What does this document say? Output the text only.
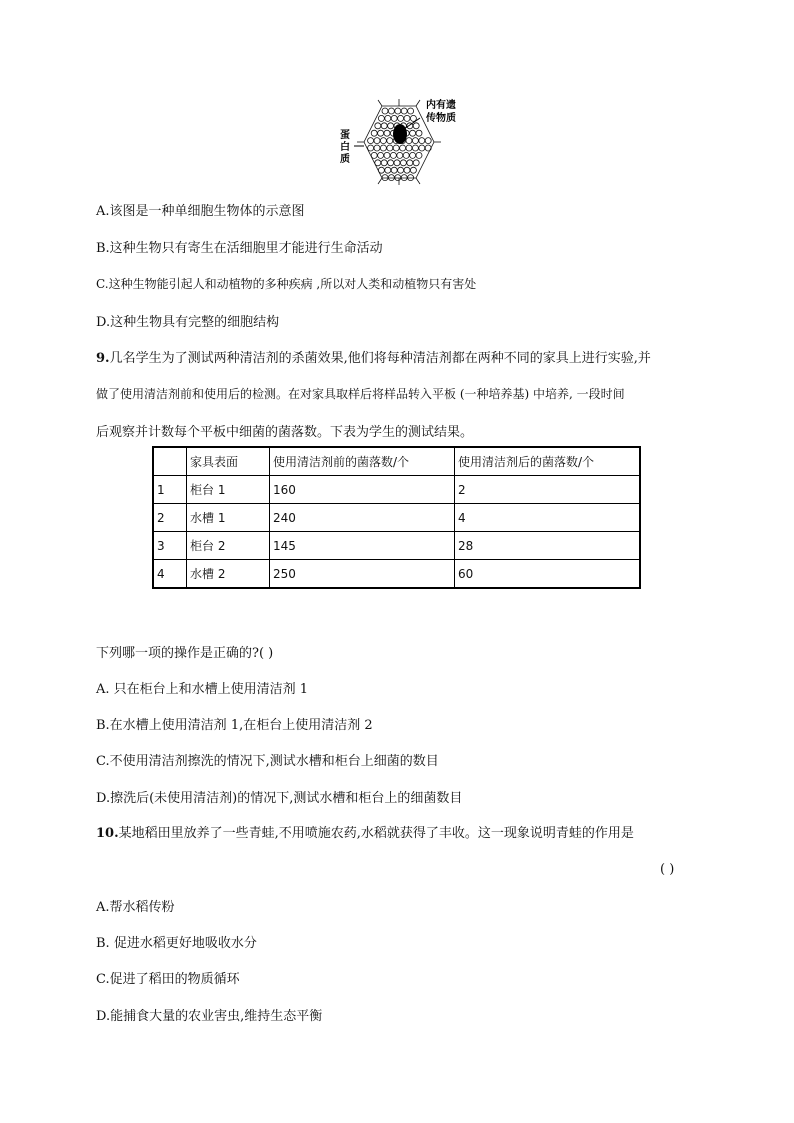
内有遗
传物质
蛋
白
质
A.该图是一种单细胞生物体的示意图
B.这种生物只有寄生在活细胞里才能进行生命活动
C.这种生物能引起人和动植物的多种疾病 ,所以对人类和动植物只有害处
D.这种生物具有完整的细胞结构
9.几名学生为了测试两种清洁剂的杀菌效果,他们将每种清洁剂都在两种不同的家具上进行实验,并
做了使用清洁剂前和使用后的检测。在对家具取样后将样品转入平板 (一种培养基) 中培养, 一段时间
后观察并计数每个平板中细菌的菌落数。下表为学生的测试结果。
	家具表面	使用清洁剂前的菌落数/个	使用清洁剂后的菌落数/个
1	柜台 1	160	2
2	水槽 1	240	4
3	柜台 2	145	28
4	水槽 2	250	60
下列哪一项的操作是正确的?( )
A. 只在柜台上和水槽上使用清洁剂 1
B.在水槽上使用清洁剂 1,在柜台上使用清洁剂 2
C.不使用清洁剂擦洗的情况下,测试水槽和柜台上细菌的数目
D.擦洗后(未使用清洁剂)的情况下,测试水槽和柜台上的细菌数目
10.某地稻田里放养了一些青蛙,不用喷施农药,水稻就获得了丰收。这一现象说明青蛙的作用是
( )
A.帮水稻传粉
B. 促进水稻更好地吸收水分
C.促进了稻田的物质循环
D.能捕食大量的农业害虫,维持生态平衡
